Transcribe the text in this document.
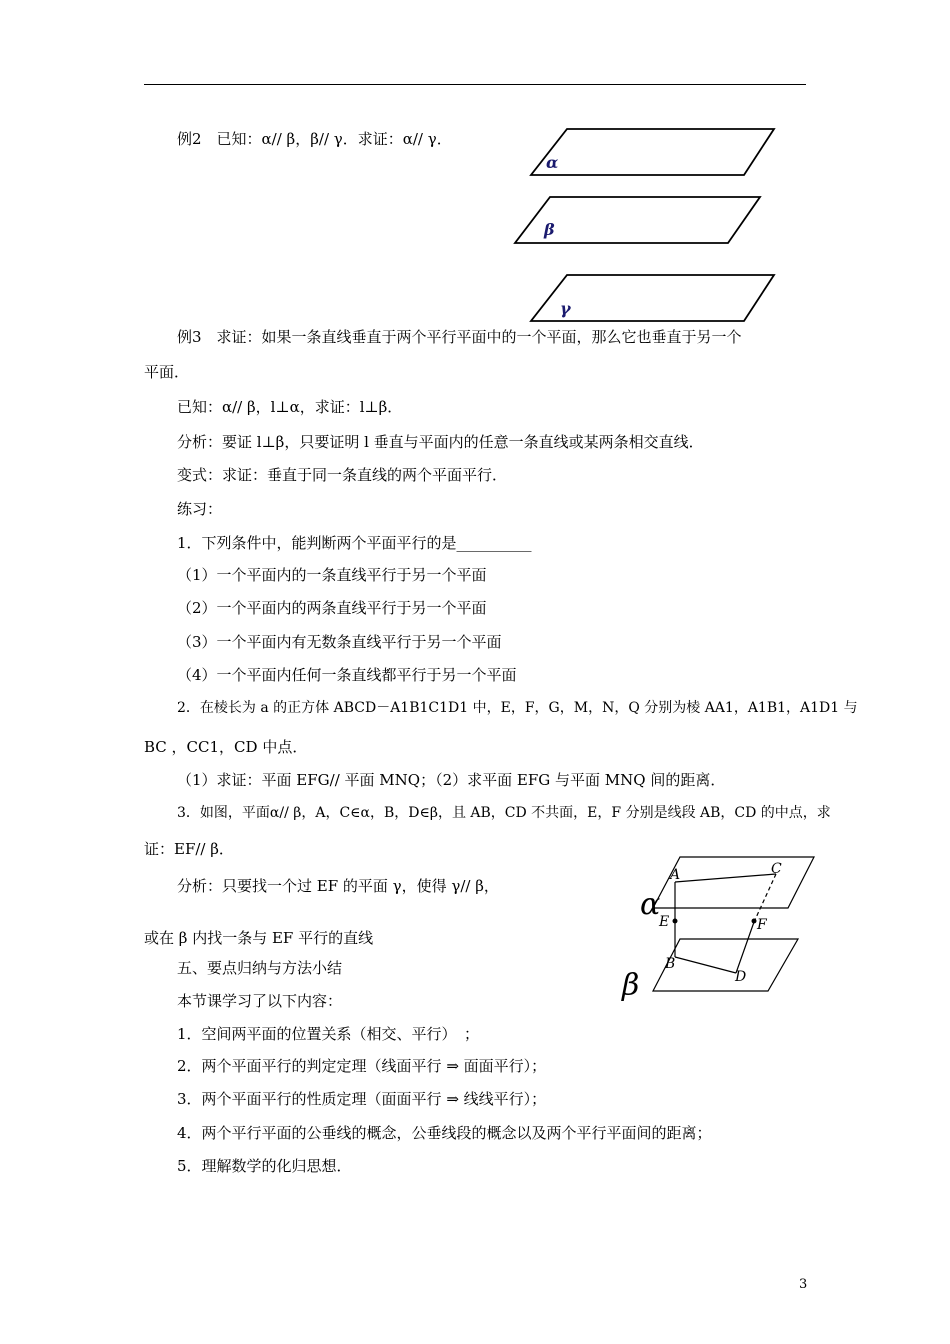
例2　已知：α// β，β// γ．求证：α// γ．
α
β
γ
例3　求证：如果一条直线垂直于两个平行平面中的一个平面，那么它也垂直于另一个
平面．
已知：α// β，l⊥α，求证：l⊥β．
分析：要证 l⊥β，只要证明 l 垂直与平面内的任意一条直线或某两条相交直线．
变式：求证：垂直于同一条直线的两个平面平行．
练习：
1．下列条件中，能判断两个平面平行的是__________
（1）一个平面内的一条直线平行于另一个平面
（2）一个平面内的两条直线平行于另一个平面
（3）一个平面内有无数条直线平行于另一个平面
（4）一个平面内任何一条直线都平行于另一个平面
2．在棱长为 a 的正方体 ABCD－A1B1C1D1 中，E，F，G，M，N，Q 分别为棱 AA1，A1B1，A1D1 与
BC ，CC1，CD 中点．
（1）求证：平面 EFG// 平面 MNQ；（2）求平面 EFG 与平面 MNQ 间的距离．
3．如图，平面α// β，A，C∈α，B，D∈β，且 AB，CD 不共面，E，F 分别是线段 AB，CD 的中点，求
证：EF// β．
分析：只要找一个过 EF 的平面 γ，使得 γ// β，
或在 β 内找一条与 EF 平行的直线
α
β
A	C
E	F
B
D
五、要点归纳与方法小结
本节课学习了以下内容：
1．空间两平面的位置关系（相交、平行）　；
2．两个平面平行的判定定理（线面平行 ⇒ 面面平行）；
3．两个平面平行的性质定理（面面平行 ⇒ 线线平行）；
4．两个平行平面的公垂线的概念，公垂线段的概念以及两个平行平面间的距离；
5．理解数学的化归思想．
3
